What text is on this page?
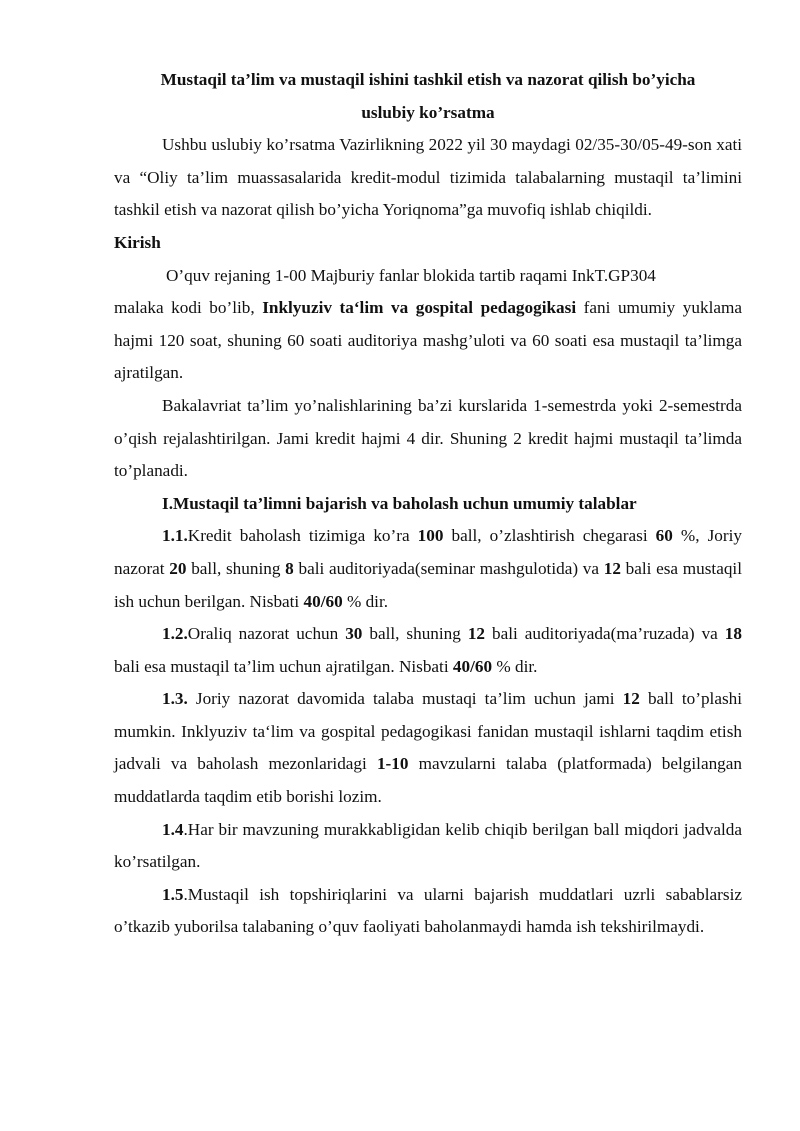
Mustaqil ta’lim va mustaqil ishini tashkil etish va nazorat qilish bo’yicha
uslubiy ko’rsatma

Ushbu uslubiy ko’rsatma Vazirlikning 2022 yil 30 maydagi 02/35-30/05-49-son xati va “Oliy ta’lim muassasalarida kredit-modul tizimida talabalarning mustaqil ta’limini tashkil etish va nazorat qilish bo’yicha Yoriqnoma”ga muvofiq ishlab chiqildi.

Kirish

O’quv rejaning 1-00 Majburiy fanlar blokida tartib raqami InkT.GP304
malaka kodi bo’lib, Inklyuziv ta‘lim va gospital pedagogikasi fani umumiy yuklama hajmi 120 soat, shuning 60 soati auditoriya mashg’uloti va 60 soati esa mustaqil ta’limga ajratilgan.

Bakalavriat ta’lim yo’nalishlarining ba’zi kurslarida 1-semestrda yoki 2-semestrda o’qish rejalashtirilgan. Jami kredit hajmi 4 dir. Shuning 2 kredit hajmi mustaqil ta’limda to’planadi.

I.Mustaqil ta’limni bajarish va baholash uchun umumiy talablar

1.1.Kredit baholash tizimiga ko’ra 100 ball, o’zlashtirish chegarasi 60 %, Joriy nazorat 20 ball, shuning 8 bali auditoriyada(seminar mashgulotida) va 12 bali esa mustaqil ish uchun berilgan. Nisbati 40/60 % dir.

1.2.Oraliq nazorat uchun 30 ball, shuning 12 bali auditoriyada(ma’ruzada) va 18 bali esa mustaqil ta’lim uchun ajratilgan. Nisbati 40/60 % dir.

1.3. Joriy nazorat davomida talaba mustaqi ta’lim uchun jami 12 ball to’plashi mumkin. Inklyuziv ta‘lim va gospital pedagogikasi fanidan mustaqil ishlarni taqdim etish jadvali va baholash mezonlaridagi 1-10 mavzularni talaba (platformada) belgilangan muddatlarda taqdim etib borishi lozim.

1.4.Har bir mavzuning murakkabligidan kelib chiqib berilgan ball miqdori jadvalda ko’rsatilgan.

1.5.Mustaqil ish topshiriqlarini va ularni bajarish muddatlari uzrli sabablarsiz o’tkazib yuborilsa talabaning o’quv faoliyati baholanmaydi hamda ish tekshirilmaydi.
